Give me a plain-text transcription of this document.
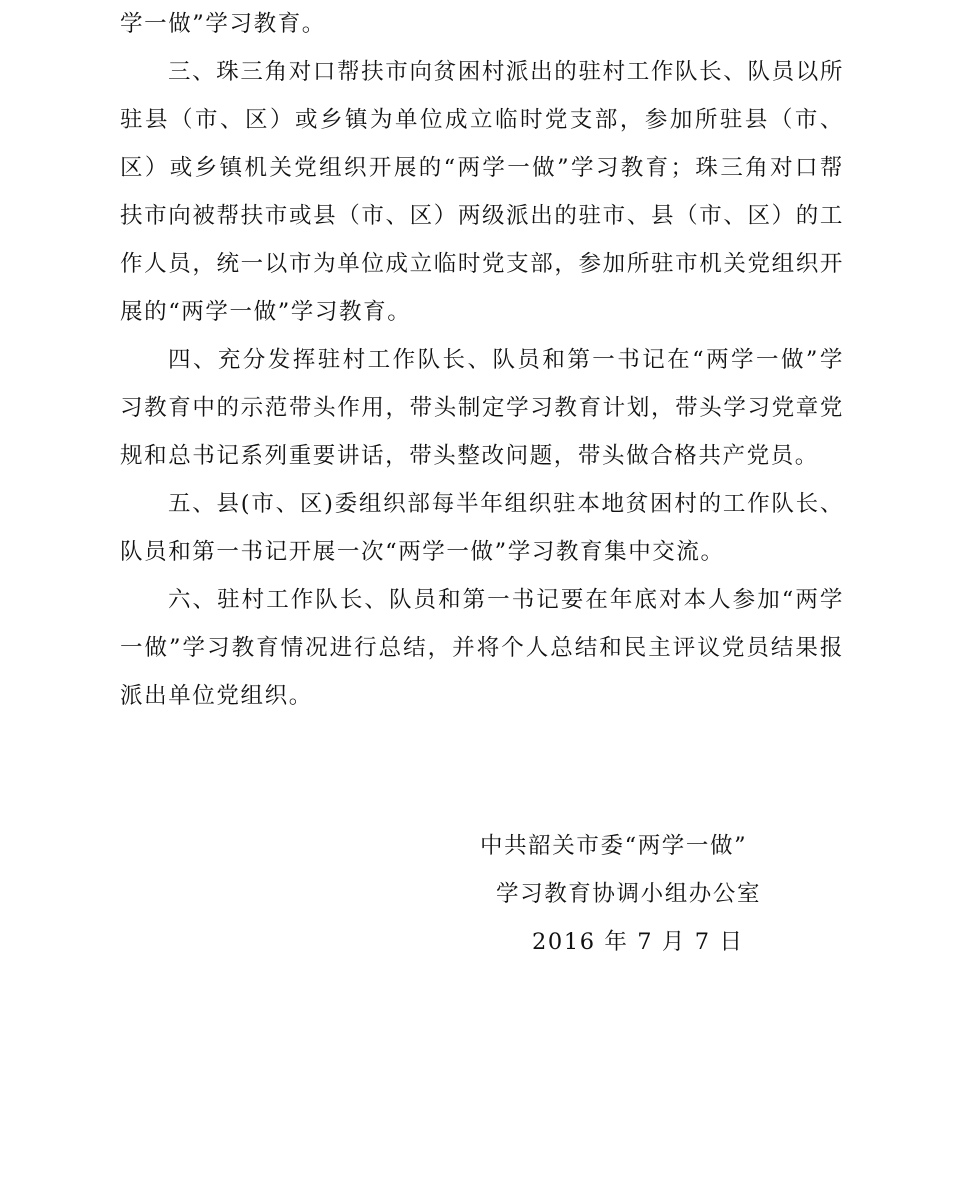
学一做”学习教育。

三、珠三角对口帮扶市向贫困村派出的驻村工作队长、队员以所驻县（市、区）或乡镇为单位成立临时党支部，参加所驻县（市、区）或乡镇机关党组织开展的“两学一做”学习教育；珠三角对口帮扶市向被帮扶市或县（市、区）两级派出的驻市、县（市、区）的工作人员，统一以市为单位成立临时党支部，参加所驻市机关党组织开展的“两学一做”学习教育。

四、充分发挥驻村工作队长、队员和第一书记在“两学一做”学习教育中的示范带头作用，带头制定学习教育计划，带头学习党章党规和总书记系列重要讲话，带头整改问题，带头做合格共产党员。

五、县(市、区)委组织部每半年组织驻本地贫困村的工作队长、队员和第一书记开展一次“两学一做”学习教育集中交流。

六、驻村工作队长、队员和第一书记要在年底对本人参加“两学一做”学习教育情况进行总结，并将个人总结和民主评议党员结果报派出单位党组织。

中共韶关市委“两学一做”
学习教育协调小组办公室
2016 年 7 月 7 日
